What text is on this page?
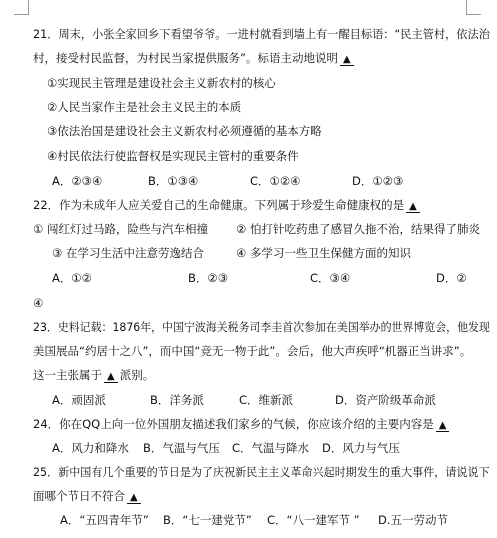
21．周末，小张全家回乡下看望爷爷。一进村就看到墙上有一醒目标语：“民主管村，依法治
村，接受村民监督，为村民当家提供服务”。标语主动地说明 ▲
①实现民主管理是建设社会主义新农村的核心
②人民当家作主是社会主义民主的本质
③依法治国是建设社会主义新农村必须遵循的基本方略
④村民依法行使监督权是实现民主管村的重要条件
A．②③④	B．①③④	C．①②④	D．①②③
22．作为未成年人应关爱自己的生命健康。下列属于珍爱生命健康权的是 ▲
① 闯红灯过马路，险些与汽车相撞 ② 怕打针吃药患了感冒久拖不治，结果得了肺炎
③ 在学习生活中注意劳逸结合	④ 多学习一些卫生保健方面的知识
A．①②	B．②③	C．③④	D．②
④
23．史料记载：1876年，中国宁波海关税务司李圭首次参加在美国举办的世界博览会，他发现
美国展品“约居十之八”，而中国“竞无一物于此”。会后，他大声疾呼“机器正当讲求”。
这一主张属于 ▲ 派别。
A．顽固派	B．洋务派	C．维新派	D．资产阶级革命派
24．你在QQ上向一位外国朋友描述我们家乡的气候，你应该介绍的主要内容是 ▲
A．风力和降水 B．气温与气压 C．气温与降水 D．风力与气压
25．新中国有几个重要的节日是为了庆祝新民主主义革命兴起时期发生的重大事件，请说说下
面哪个节日不符合 ▲
A．“五四青年节” B．“七一建党节” C．“八一建军节 ” D.五一劳动节
